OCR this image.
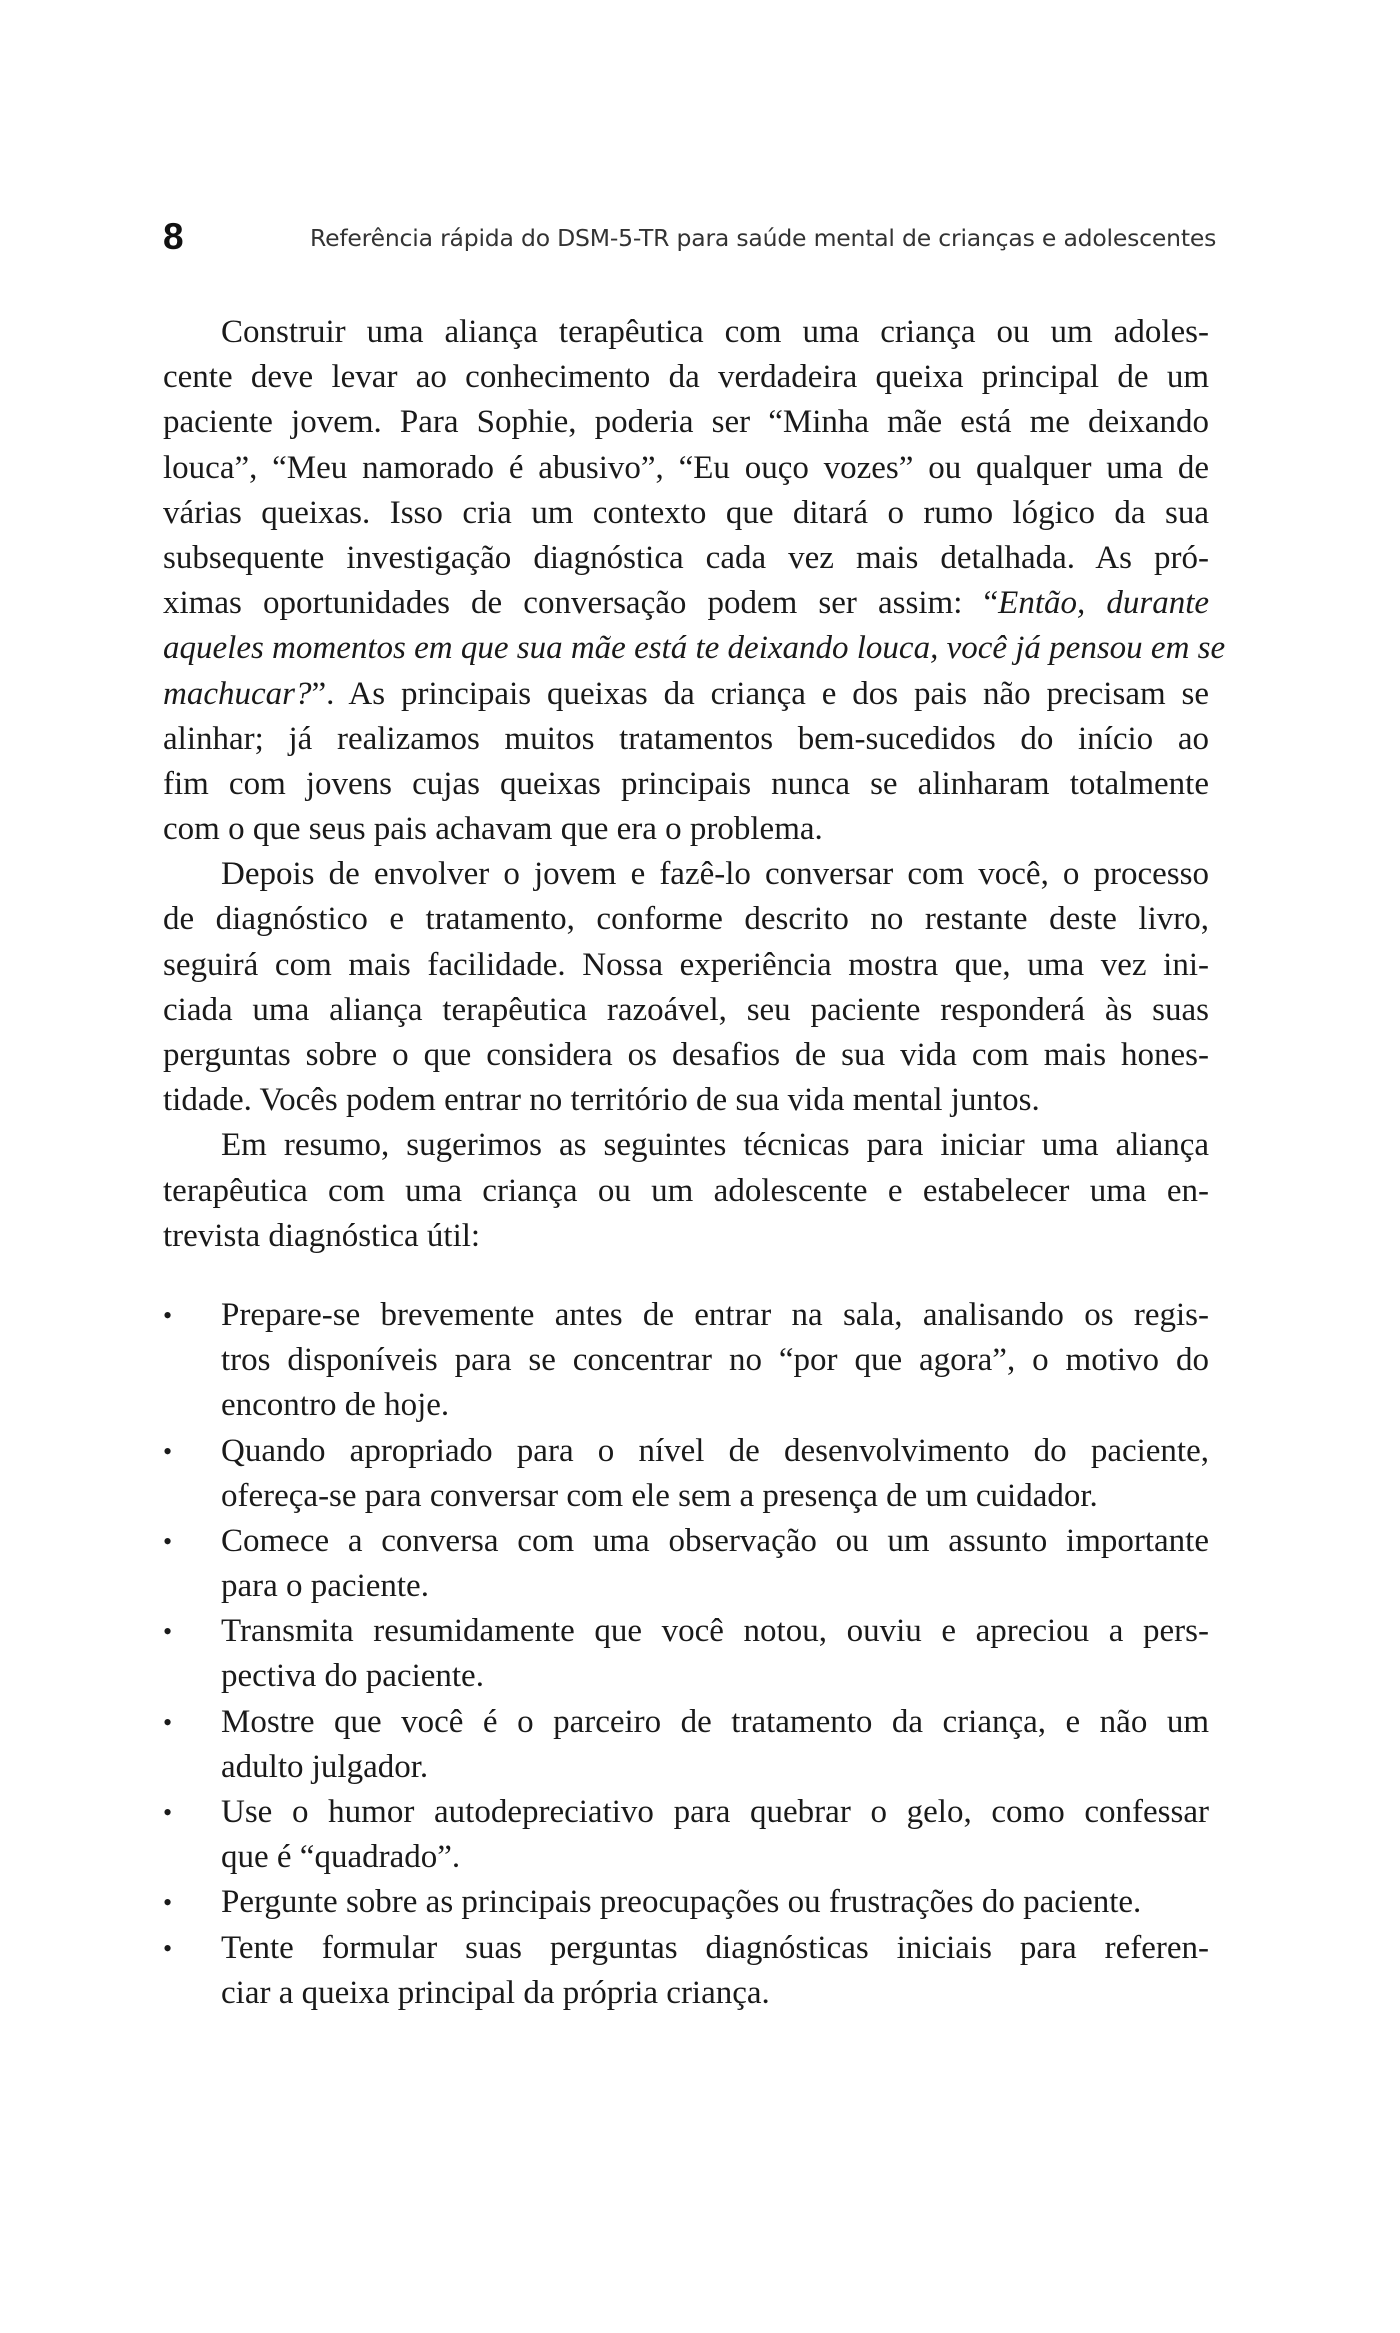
8	Referência rápida do DSM-5-TR para saúde mental de crianças e adolescentes
Construir uma aliança terapêutica com uma criança ou um adoles-
cente deve levar ao conhecimento da verdadeira queixa principal de um
paciente jovem. Para Sophie, poderia ser “Minha mãe está me deixando
louca”, “Meu namorado é abusivo”, “Eu ouço vozes” ou qualquer uma de
várias queixas. Isso cria um contexto que ditará o rumo lógico da sua
subsequente investigação diagnóstica cada vez mais detalhada. As pró-
ximas oportunidades de conversação podem ser assim: “Então, durante
aqueles momentos em que sua mãe está te deixando louca, você já pensou em se
machucar?”. As principais queixas da criança e dos pais não precisam se
alinhar; já realizamos muitos tratamentos bem-sucedidos do início ao
fim com jovens cujas queixas principais nunca se alinharam totalmente
com o que seus pais achavam que era o problema.
Depois de envolver o jovem e fazê-lo conversar com você, o processo
de diagnóstico e tratamento, conforme descrito no restante deste livro,
seguirá com mais facilidade. Nossa experiência mostra que, uma vez ini-
ciada uma aliança terapêutica razoável, seu paciente responderá às suas
perguntas sobre o que considera os desafios de sua vida com mais hones-
tidade. Vocês podem entrar no território de sua vida mental juntos.
Em resumo, sugerimos as seguintes técnicas para iniciar uma aliança
terapêutica com uma criança ou um adolescente e estabelecer uma en-
trevista diagnóstica útil:
• Prepare-se brevemente antes de entrar na sala, analisando os regis-
tros disponíveis para se concentrar no “por que agora”, o motivo do
encontro de hoje.
• Quando apropriado para o nível de desenvolvimento do paciente,
ofereça-se para conversar com ele sem a presença de um cuidador.
• Comece a conversa com uma observação ou um assunto importante
para o paciente.
• Transmita resumidamente que você notou, ouviu e apreciou a pers-
pectiva do paciente.
• Mostre que você é o parceiro de tratamento da criança, e não um
adulto julgador.
• Use o humor autodepreciativo para quebrar o gelo, como confessar
que é “quadrado”.
• Pergunte sobre as principais preocupações ou frustrações do paciente.
• Tente formular suas perguntas diagnósticas iniciais para referen-
ciar a queixa principal da própria criança.
